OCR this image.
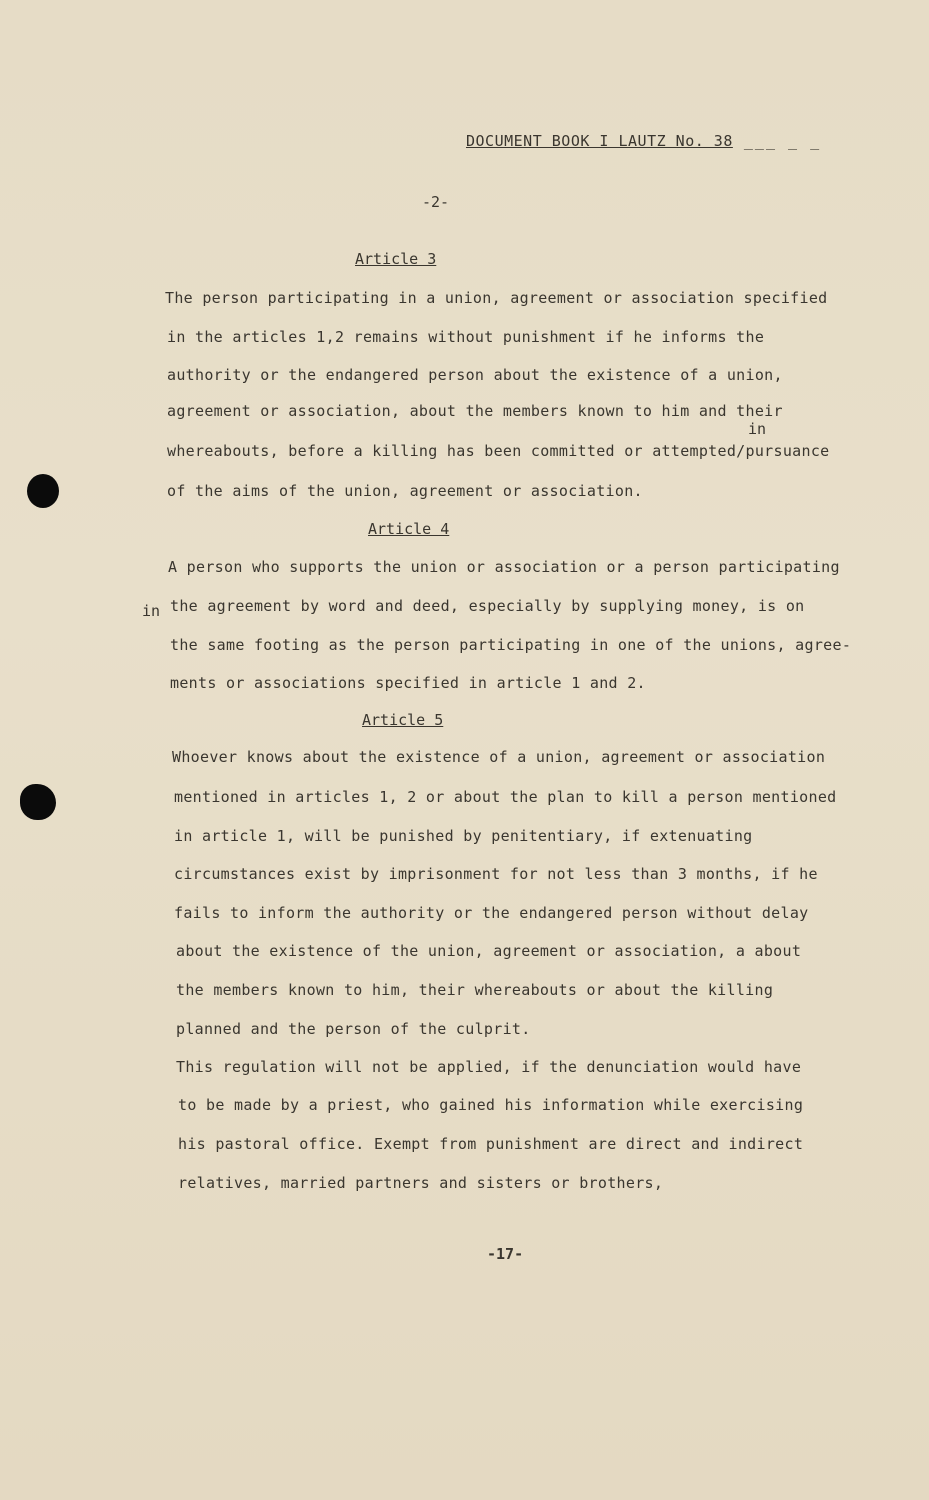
DOCUMENT BOOK I LAUTZ No. 38 ___ _ _
-2-
Article 3
The person participating in a union, agreement or association specified
in the articles 1,2 remains without punishment if he informs the
authority or the endangered person about the existence of a union,
agreement or association, about the members known to him and their
in
whereabouts, before a killing has been committed or attempted/pursuance
of the aims of the union, agreement or association.
Article 4
A person who supports the union or association or a person participating
in the agreement by word and deed, especially by supplying money, is on
the same footing as the person participating in one of the unions, agree-
ments or associations specified in article 1 and 2.
Article 5
Whoever knows about the existence of a union, agreement or association
mentioned in articles 1, 2 or about the plan to kill a person mentioned
in article 1, will be punished by penitentiary, if extenuating
circumstances exist by imprisonment for not less than 3 months, if he
fails to inform the authority or the endangered person without delay
about the existence of the union, agreement or association, a about
the members known to him, their whereabouts or about the killing
planned and the person of the culprit.
This regulation will not be applied, if the denunciation would have
to be made by a priest, who gained his information while exercising
his pastoral office. Exempt from punishment are direct and indirect
relatives, married partners and sisters or brothers,
-17-
